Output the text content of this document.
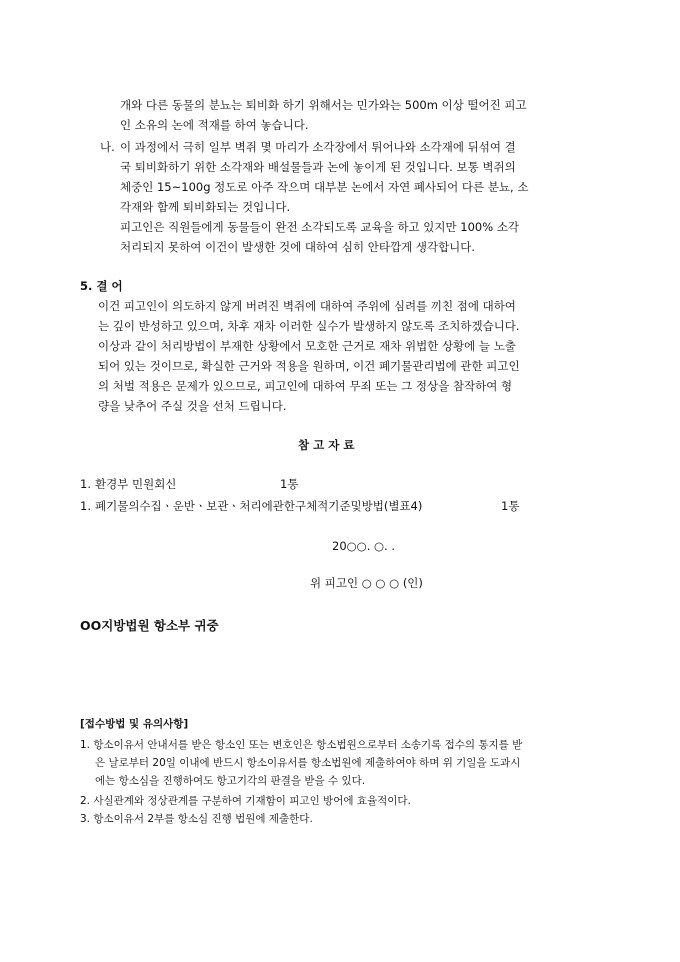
개와 다른 동물의 분뇨는 퇴비화 하기 위해서는 민가와는 500m 이상 떨어진 피고
인 소유의 논에 적재를 하여 놓습니다.
나. 이 과정에서 극히 일부 벽쥐 몇 마리가 소각장에서 튀어나와 소각재에 뒤섞여 결
국 퇴비화하기 위한 소각재와 배설물들과 논에 놓이게 된 것입니다. 보통 벽쥐의
체중인 15~100g 정도로 아주 작으며 대부분 논에서 자연 폐사되어 다른 분뇨, 소
각재와 함께 퇴비화되는 것입니다.
피고인은 직원들에게 동물들이 완전 소각되도록 교육을 하고 있지만 100% 소각
처리되지 못하여 이건이 발생한 것에 대하여 심히 안타깝게 생각합니다.
5. 결 어
이건 피고인이 의도하지 않게 버려진 벽쥐에 대하여 주위에 심려를 끼친 점에 대하여
는 깊이 반성하고 있으며, 차후 재차 이러한 실수가 발생하지 않도록 조치하겠습니다.
이상과 같이 처리방법이 부재한 상황에서 모호한 근거로 재차 위법한 상황에 늘 노출
되어 있는 것이므로, 확실한 근거와 적용을 원하며, 이건 폐기물관리법에 관한 피고인
의 처벌 적용은 문제가 있으므로, 피고인에 대하여 무죄 또는 그 정상을 참작하여 형
량을 낮추어 주실 것을 선처 드립니다.
참 고 자 료
1. 환경부 민원회신	1통
1. 폐기물의수집ㆍ운반ㆍ보관ㆍ처리에관한구체적기준및방법(별표4)	1통
20○○. ○. .
위 피고인 ○ ○ ○ (인)
OO지방법원 항소부 귀중
[접수방법 및 유의사항]
1. 항소이유서 안내서를 받은 항소인 또는 변호인은 항소법원으로부터 소송기록 접수의 통지를 받
은 날로부터 20일 이내에 반드시 항소이유서를 항소법원에 제출하여야 하며 위 기일을 도과시
에는 항소심을 진행하여도 항고기각의 판결을 받을 수 있다.
2. 사실관계와 정상관계를 구분하여 기재함이 피고인 방어에 효율적이다.
3. 항소이유서 2부를 항소심 진행 법원에 제출한다.
